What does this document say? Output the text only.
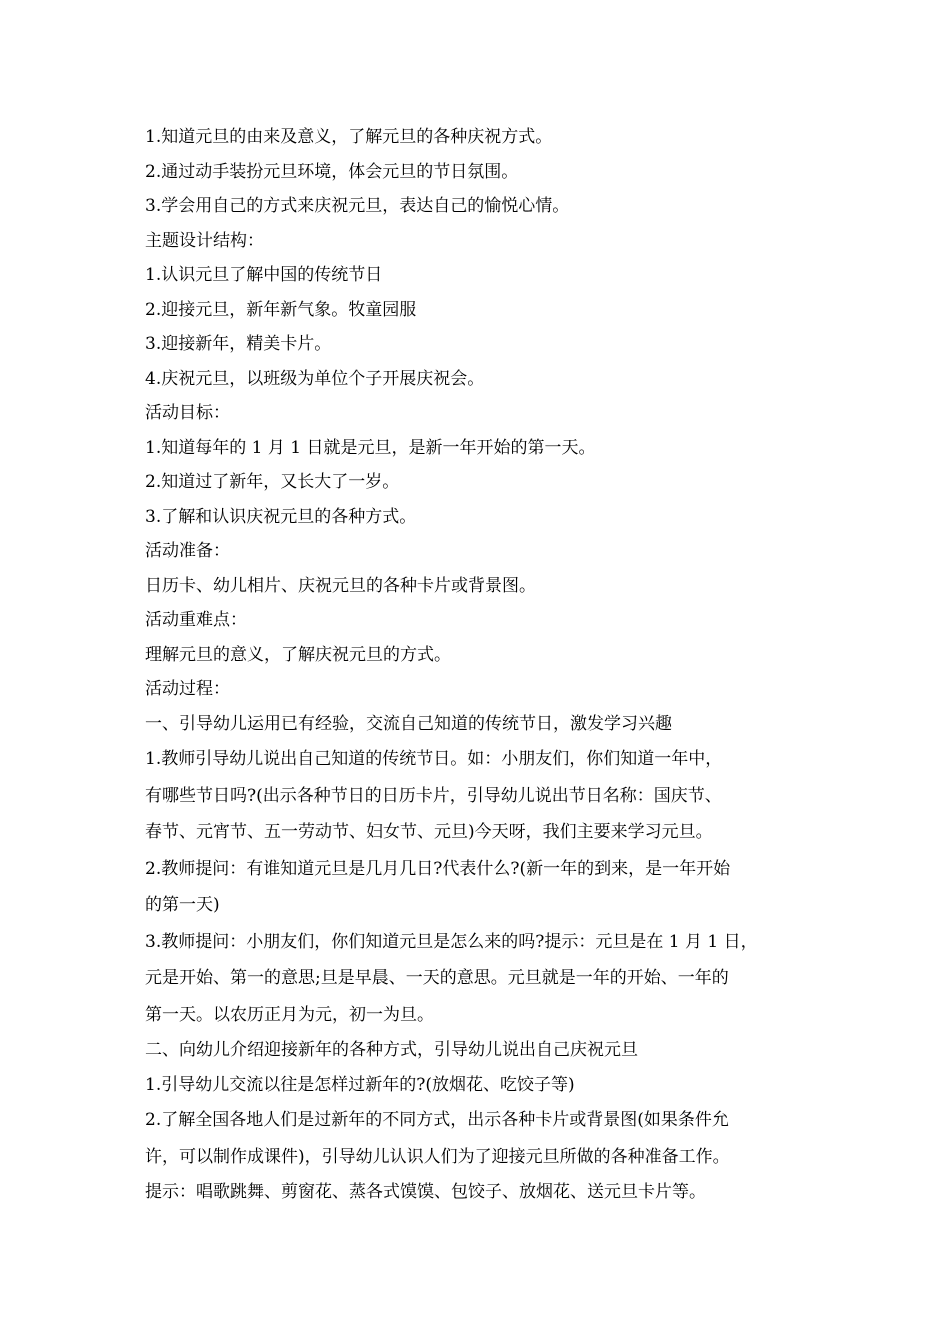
1.知道元旦的由来及意义，了解元旦的各种庆祝方式。

2.通过动手装扮元旦环境，体会元旦的节日氛围。

3.学会用自己的方式来庆祝元旦，表达自己的愉悦心情。

主题设计结构：

1.认识元旦了解中国的传统节日

2.迎接元旦，新年新气象。牧童园服

3.迎接新年，精美卡片。

4.庆祝元旦，以班级为单位个子开展庆祝会。

活动目标：

1.知道每年的 1 月 1 日就是元旦，是新一年开始的第一天。

2.知道过了新年，又长大了一岁。

3.了解和认识庆祝元旦的各种方式。

活动准备：

日历卡、幼儿相片、庆祝元旦的各种卡片或背景图。

活动重难点：

理解元旦的意义，了解庆祝元旦的方式。

活动过程：

一、引导幼儿运用已有经验，交流自己知道的传统节日，激发学习兴趣

1.教师引导幼儿说出自己知道的传统节日。如：小朋友们，你们知道一年中，
有哪些节日吗?(出示各种节日的日历卡片，引导幼儿说出节日名称：国庆节、
春节、元宵节、五一劳动节、妇女节、元旦)今天呀，我们主要来学习元旦。

2.教师提问：有谁知道元旦是几月几日?代表什么?(新一年的到来，是一年开始
的第一天)

3.教师提问：小朋友们，你们知道元旦是怎么来的吗?提示：元旦是在 1 月 1 日，
元是开始、第一的意思;旦是早晨、一天的意思。元旦就是一年的开始、一年的
第一天。以农历正月为元，初一为旦。

二、向幼儿介绍迎接新年的各种方式，引导幼儿说出自己庆祝元旦

1.引导幼儿交流以往是怎样过新年的?(放烟花、吃饺子等)

2.了解全国各地人们是过新年的不同方式，出示各种卡片或背景图(如果条件允
许，可以制作成课件)，引导幼儿认识人们为了迎接元旦所做的各种准备工作。

提示：唱歌跳舞、剪窗花、蒸各式馍馍、包饺子、放烟花、送元旦卡片等。
